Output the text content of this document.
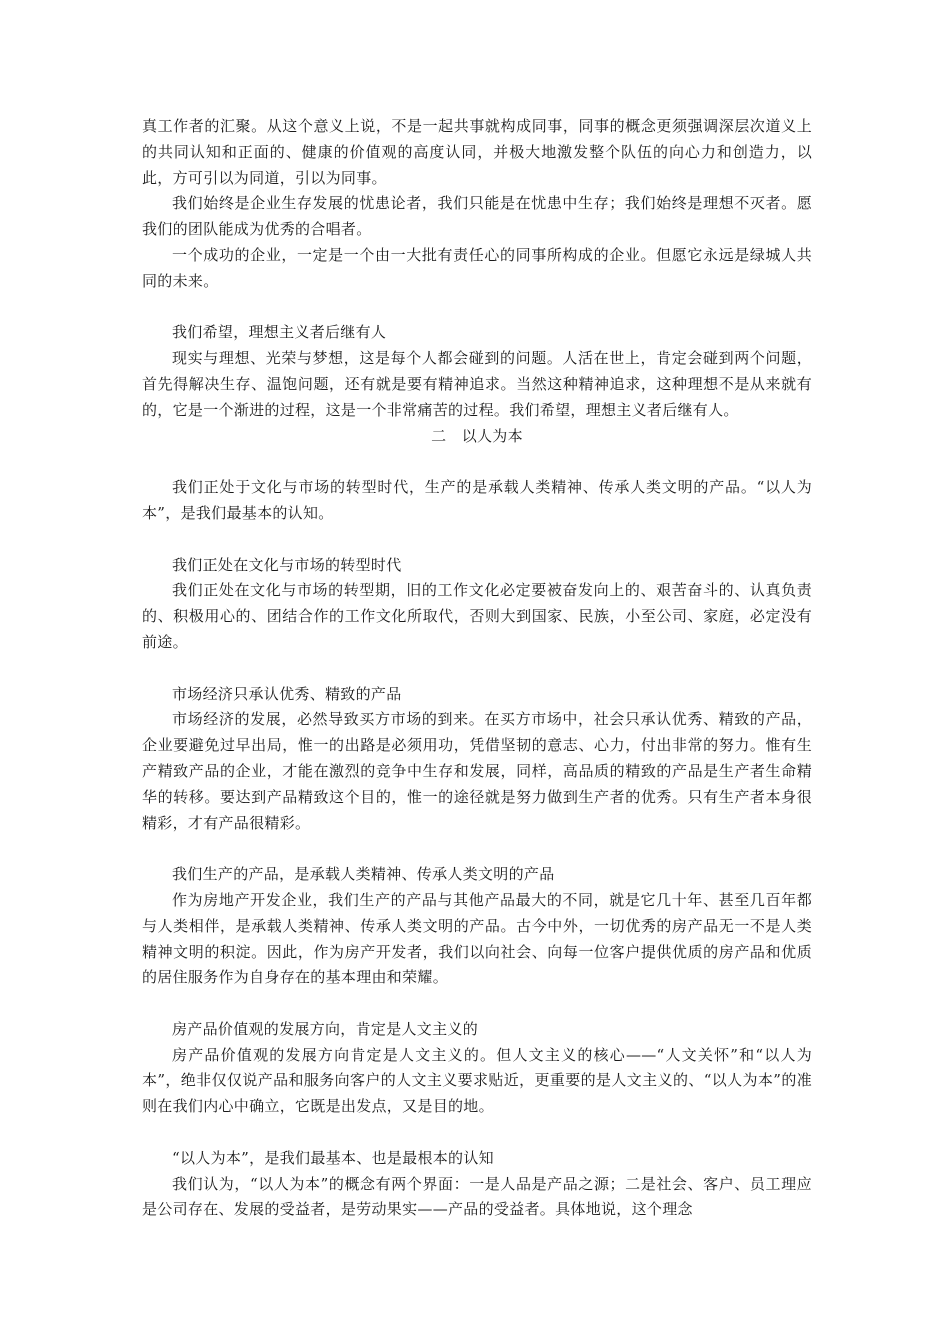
真工作者的汇聚。从这个意义上说，不是一起共事就构成同事，同事的概念更须强调深层次道义上的共同认知和正面的、健康的价值观的高度认同，并极大地激发整个队伍的向心力和创造力，以此，方可引以为同道，引以为同事。

我们始终是企业生存发展的忧患论者，我们只能是在忧患中生存；我们始终是理想不灭者。愿我们的团队能成为优秀的合唱者。

一个成功的企业，一定是一个由一大批有责任心的同事所构成的企业。但愿它永远是绿城人共同的未来。

我们希望，理想主义者后继有人

现实与理想、光荣与梦想，这是每个人都会碰到的问题。人活在世上，肯定会碰到两个问题，首先得解决生存、温饱问题，还有就是要有精神追求。当然这种精神追求，这种理想不是从来就有的，它是一个渐进的过程，这是一个非常痛苦的过程。我们希望，理想主义者后继有人。

二　以人为本

我们正处于文化与市场的转型时代，生产的是承载人类精神、传承人类文明的产品。“以人为本”，是我们最基本的认知。

我们正处在文化与市场的转型时代

我们正处在文化与市场的转型期，旧的工作文化必定要被奋发向上的、艰苦奋斗的、认真负责的、积极用心的、团结合作的工作文化所取代，否则大到国家、民族，小至公司、家庭，必定没有前途。

市场经济只承认优秀、精致的产品

市场经济的发展，必然导致买方市场的到来。在买方市场中，社会只承认优秀、精致的产品，企业要避免过早出局，惟一的出路是必须用功，凭借坚韧的意志、心力，付出非常的努力。惟有生产精致产品的企业，才能在激烈的竞争中生存和发展，同样，高品质的精致的产品是生产者生命精华的转移。要达到产品精致这个目的，惟一的途径就是努力做到生产者的优秀。只有生产者本身很精彩，才有产品很精彩。

我们生产的产品，是承载人类精神、传承人类文明的产品

作为房地产开发企业，我们生产的产品与其他产品最大的不同，就是它几十年、甚至几百年都与人类相伴，是承载人类精神、传承人类文明的产品。古今中外，一切优秀的房产品无一不是人类精神文明的积淀。因此，作为房产开发者，我们以向社会、向每一位客户提供优质的房产品和优质的居住服务作为自身存在的基本理由和荣耀。

房产品价值观的发展方向，肯定是人文主义的

房产品价值观的发展方向肯定是人文主义的。但人文主义的核心——“人文关怀”和“以人为本”，绝非仅仅说产品和服务向客户的人文主义要求贴近，更重要的是人文主义的、“以人为本”的准则在我们内心中确立，它既是出发点，又是目的地。

“以人为本”，是我们最基本、也是最根本的认知

我们认为，“以人为本”的概念有两个界面：一是人品是产品之源；二是社会、客户、员工理应是公司存在、发展的受益者，是劳动果实——产品的受益者。具体地说，这个理念
